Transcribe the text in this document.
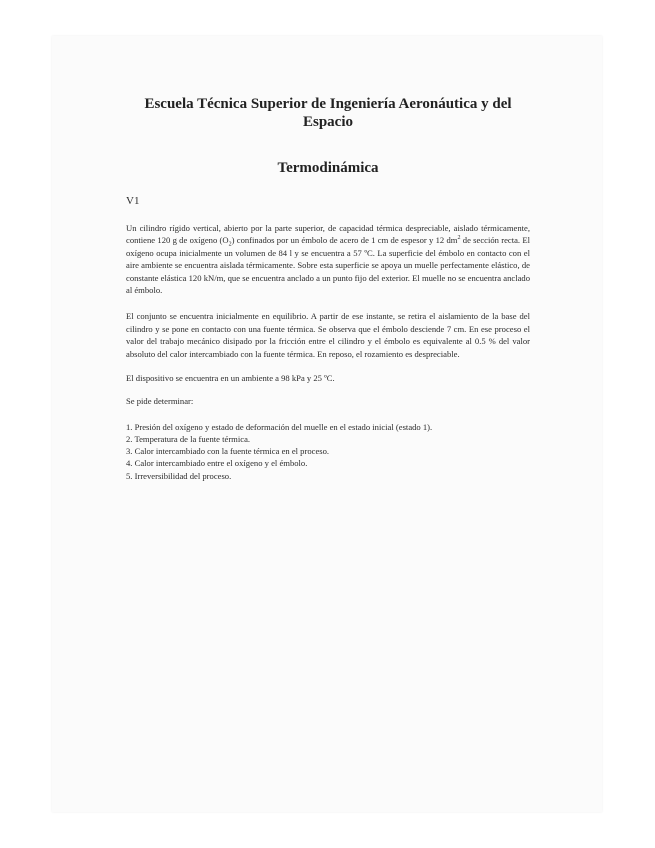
Escuela Técnica Superior de Ingeniería Aeronáutica y del Espacio
Termodinámica
V1

Un cilindro rígido vertical, abierto por la parte superior, de capacidad térmica despreciable, aislado térmicamente, contiene 120 g de oxígeno $(O_2)$ confinados por un émbolo de acero de 1 cm de espesor y 12 $dm^2$ de sección recta. El oxígeno ocupa inicialmente un volumen de 84 l y se encuentra a 57 ºC. La superficie del émbolo en contacto con el aire ambiente se encuentra aislada térmicamente. Sobre esta superficie se apoya un muelle perfectamente elástico, de constante elástica 120 kN/m, que se encuentra anclado a un punto fijo del exterior. El muelle no se encuentra anclado al émbolo.

El conjunto se encuentra inicialmente en equilibrio. A partir de ese instante, se retira el aislamiento de la base del cilindro y se pone en contacto con una fuente térmica. Se observa que el émbolo desciende 7 cm. En ese proceso el valor del trabajo mecánico disipado por la fricción entre el cilindro y el émbolo es equivalente al 0.5 % del valor absoluto del calor intercambiado con la fuente térmica. En reposo, el rozamiento es despreciable.

El dispositivo se encuentra en un ambiente a 98 kPa y 25 ºC.

Se pide determinar:

1. Presión del oxígeno y estado de deformación del muelle en el estado inicial (estado 1).
2. Temperatura de la fuente térmica.
3. Calor intercambiado con la fuente térmica en el proceso.
4. Calor intercambiado entre el oxígeno y el émbolo.
5. Irreversibilidad del proceso.
